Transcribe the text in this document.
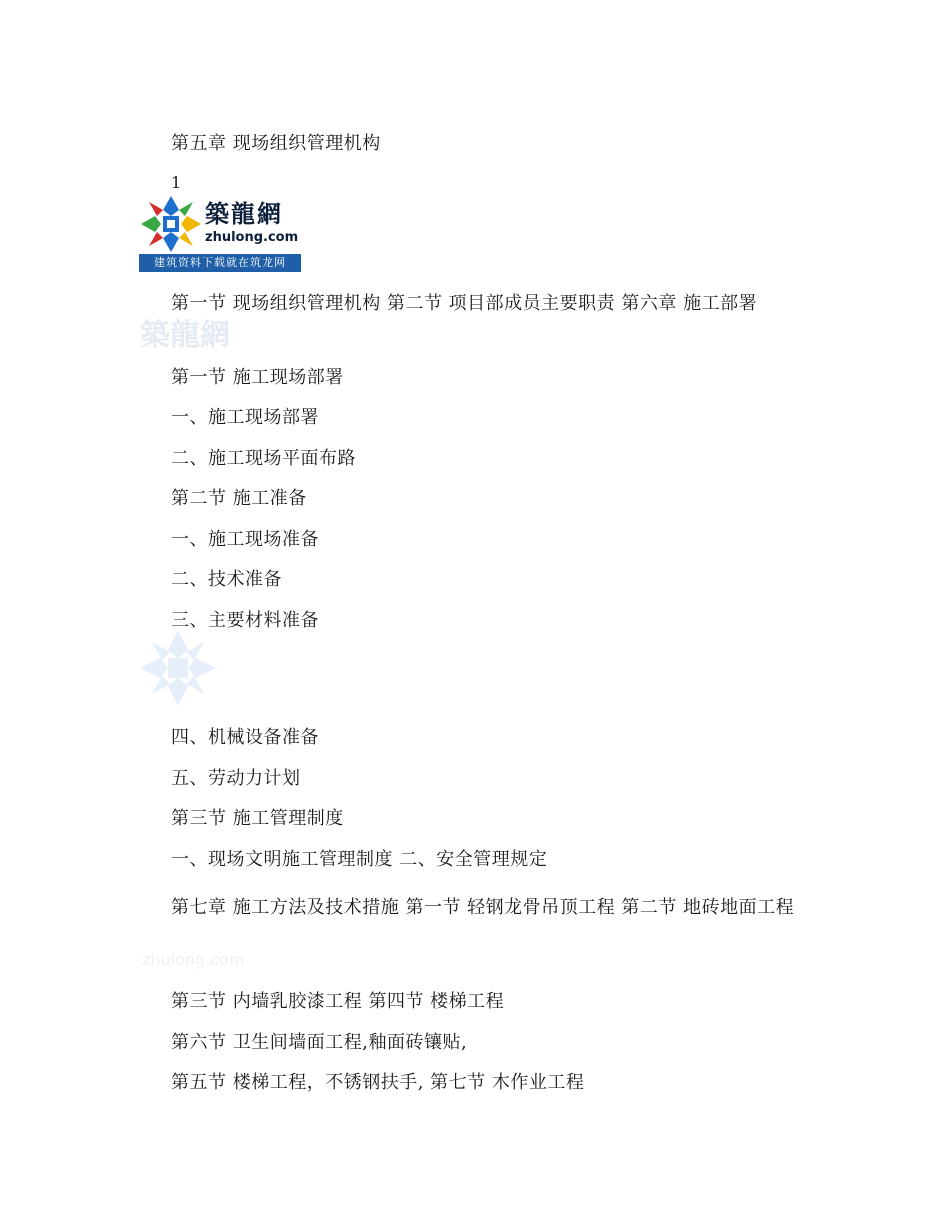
築龍網
zhulong.com
第五章 现场组织管理机构
1
築龍網
zhulong.com
建筑资料下载就在筑龙网
第一节 现场组织管理机构 第二节 项目部成员主要职责 第六章 施工部署
第一节 施工现场部署
一、施工现场部署
二、施工现场平面布路
第二节 施工准备
一、施工现场准备
二、技术准备
三、主要材料准备
四、机械设备准备
五、劳动力计划
第三节 施工管理制度
一、现场文明施工管理制度 二、安全管理规定
第七章 施工方法及技术措施 第一节 轻钢龙骨吊顶工程 第二节 地砖地面工程
第三节 内墙乳胶漆工程 第四节 楼梯工程
第六节 卫生间墙面工程,釉面砖镶贴,
第五节 楼梯工程，不锈钢扶手, 第七节 木作业工程
